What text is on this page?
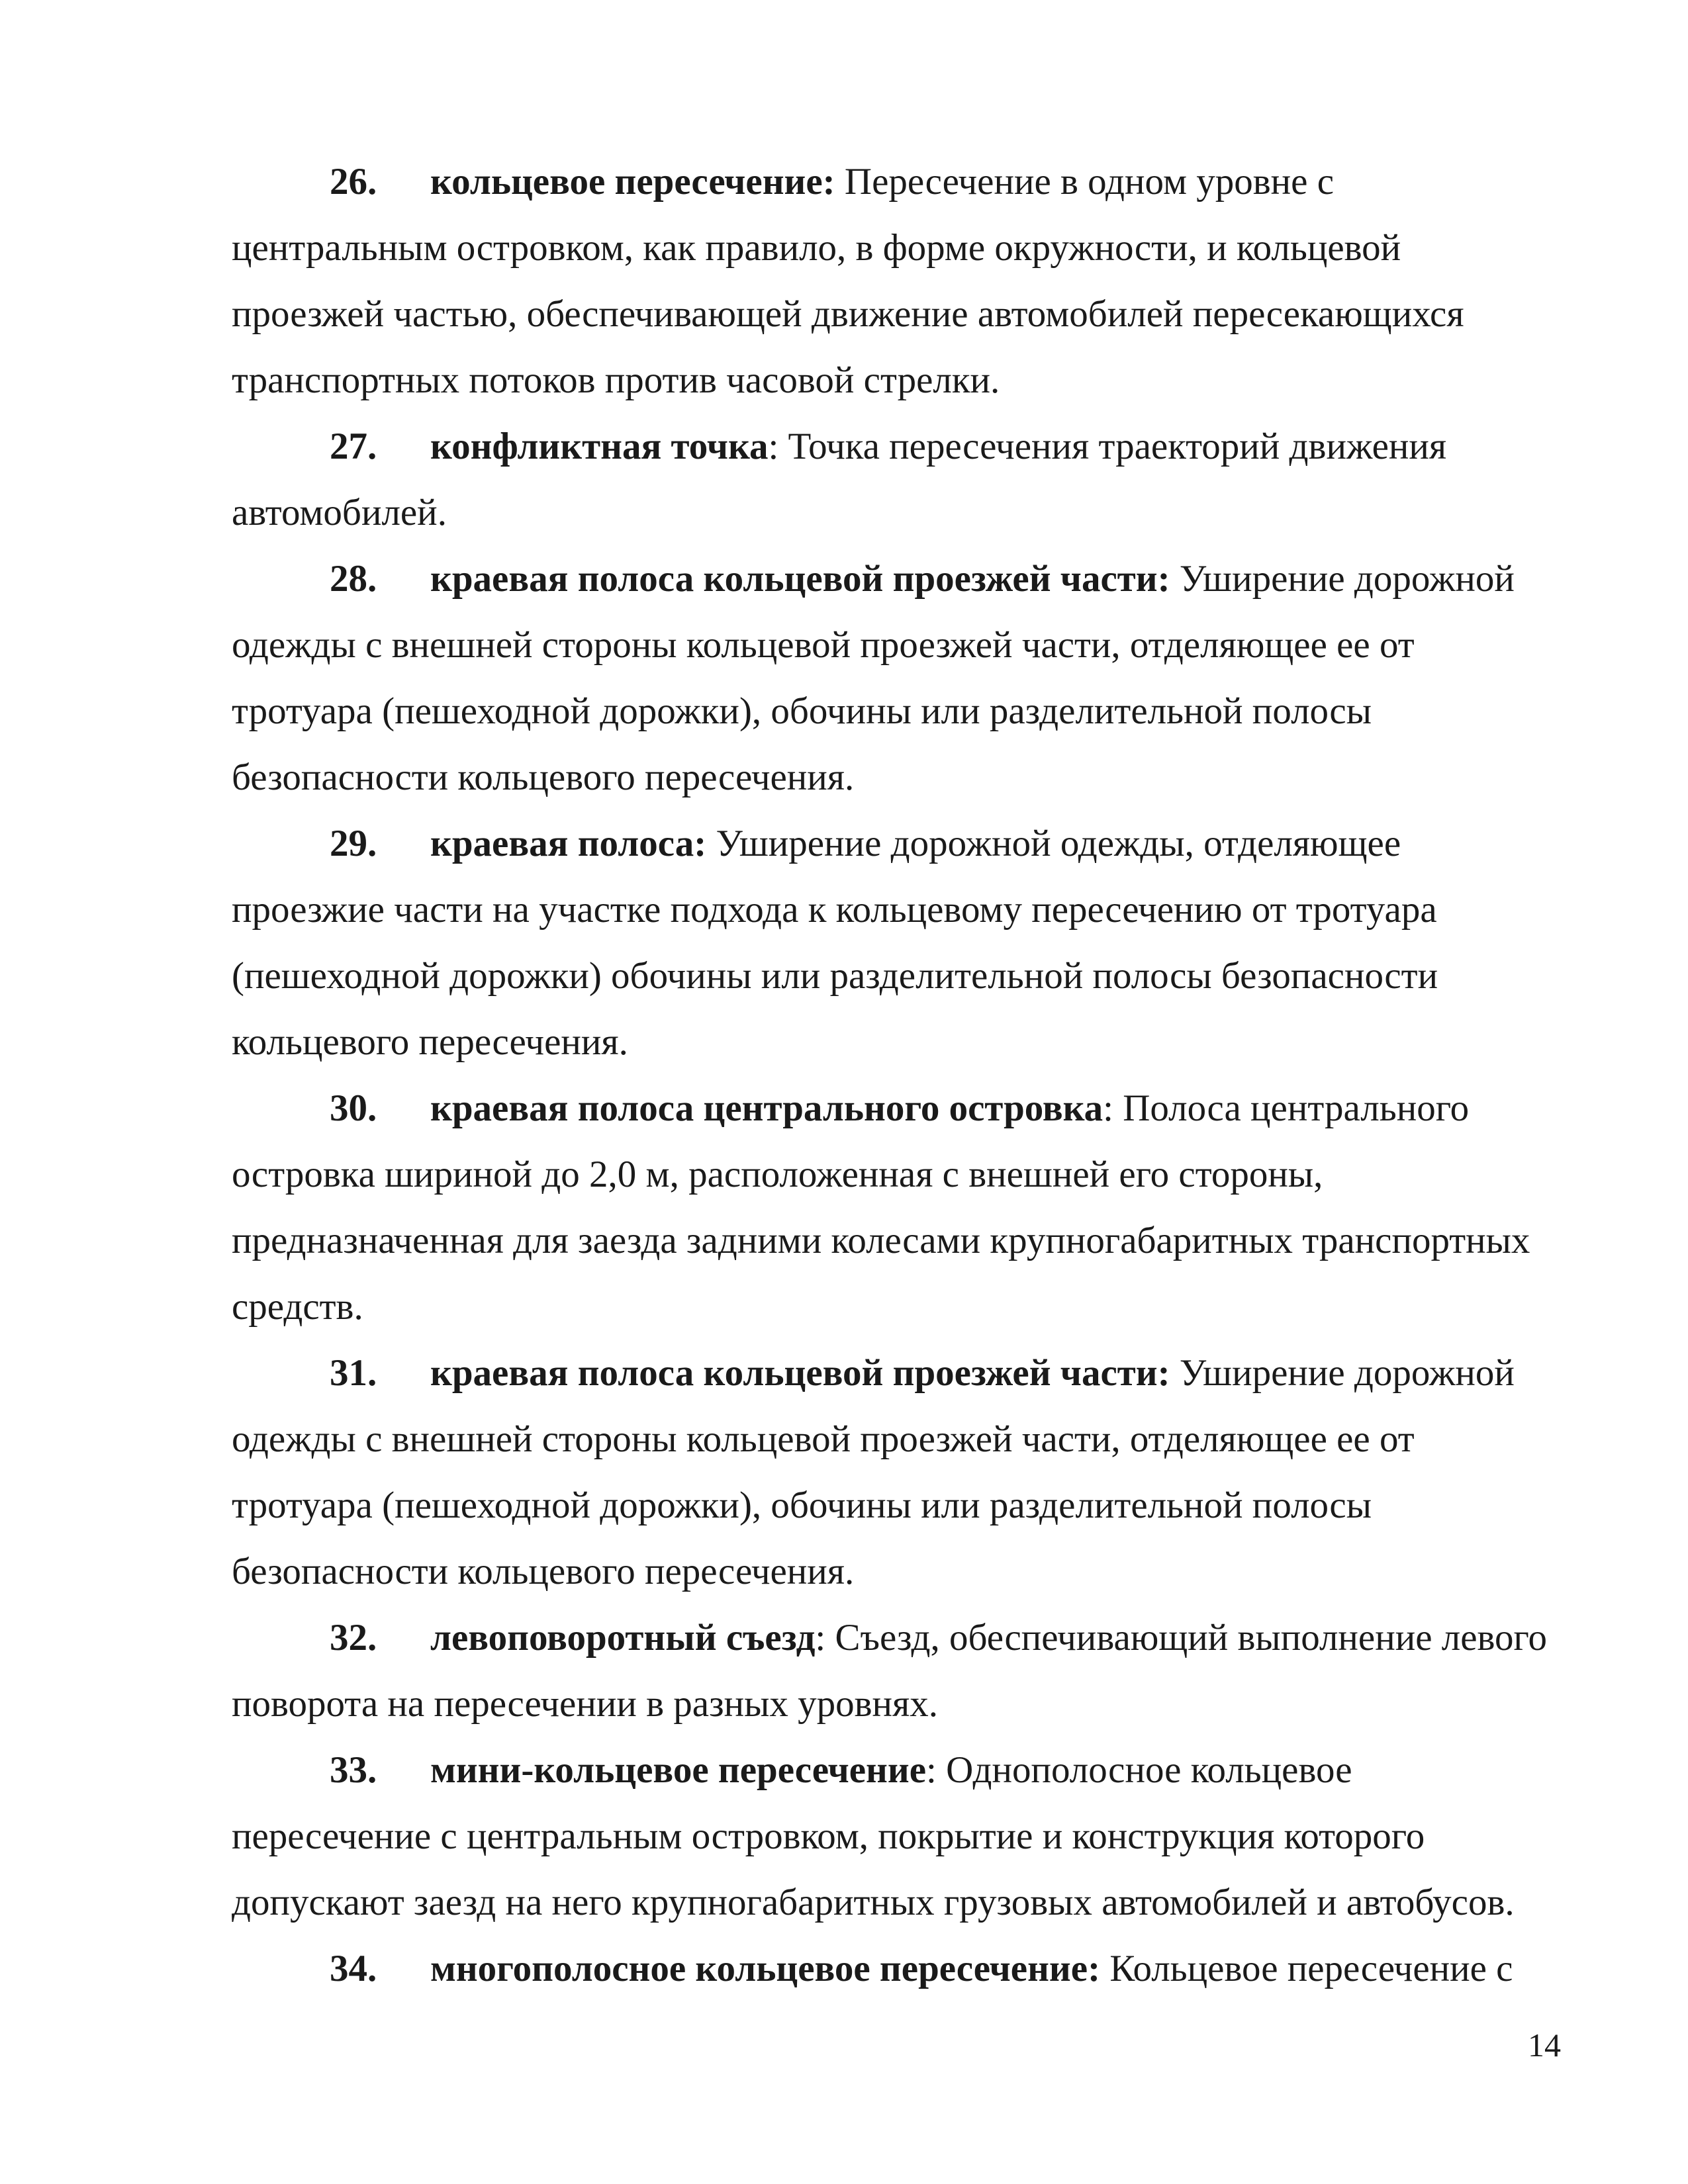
26. кольцевое пересечение: Пересечение в одном уровне с центральным островком, как правило, в форме окружности, и кольцевой проезжей частью, обеспечивающей движение автомобилей пересекающихся транспортных потоков против часовой стрелки.

27. конфликтная точка: Точка пересечения траекторий движения автомобилей.

28. краевая полоса кольцевой проезжей части: Уширение дорожной одежды с внешней стороны кольцевой проезжей части, отделяющее ее от тротуара (пешеходной дорожки), обочины или разделительной полосы безопасности кольцевого пересечения.

29. краевая полоса: Уширение дорожной одежды, отделяющее проезжие части на участке подхода к кольцевому пересечению от тротуара (пешеходной дорожки) обочины или разделительной полосы безопасности кольцевого пересечения.

30. краевая полоса центрального островка: Полоса центрального островка шириной до 2,0 м, расположенная с внешней его стороны, предназначенная для заезда задними колесами крупногабаритных транспортных средств.

31. краевая полоса кольцевой проезжей части: Уширение дорожной одежды с внешней стороны кольцевой проезжей части, отделяющее ее от тротуара (пешеходной дорожки), обочины или разделительной полосы безопасности кольцевого пересечения.

32. левоповоротный съезд: Съезд, обеспечивающий выполнение левого поворота на пересечении в разных уровнях.

33. мини-кольцевое пересечение: Однополосное кольцевое пересечение с центральным островком, покрытие и конструкция которого допускают заезд на него крупногабаритных грузовых автомобилей и автобусов.

34. многополосное кольцевое пересечение: Кольцевое пересечение с

14
